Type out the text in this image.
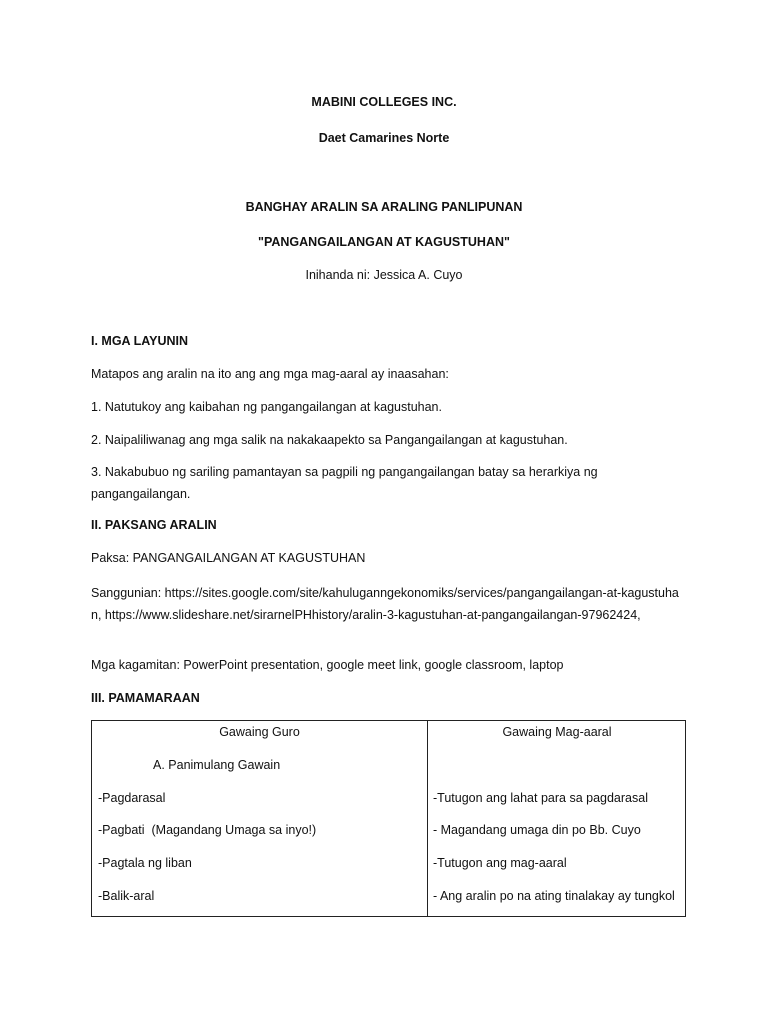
MABINI COLLEGES INC.
Daet Camarines Norte
BANGHAY ARALIN SA ARALING PANLIPUNAN
"PANGANGAILANGAN AT KAGUSTUHAN"
Inihanda ni: Jessica A. Cuyo
I. MGA LAYUNIN
Matapos ang aralin na ito ang ang mga mag-aaral ay inaasahan:
1. Natutukoy ang kaibahan ng pangangailangan at kagustuhan.
2. Naipaliliwanag ang mga salik na nakakaapekto sa Pangangailangan at kagustuhan.
3. Nakabubuo ng sariling pamantayan sa pagpili ng pangangailangan batay sa herarkiya ng pangangailangan.
II. PAKSANG ARALIN
Paksa: PANGANGAILANGAN AT KAGUSTUHAN
Sanggunian: https://sites.google.com/site/kahuluganngekonomiks/services/pangangailangan-at-kagustuhan, https://www.slideshare.net/sirarnelPHhistory/aralin-3-kagustuhan-at-pangangailangan-97962424,
Mga kagamitan: PowerPoint presentation, google meet link, google classroom, laptop
III. PAMAMARAAN
Gawaing Guro	Gawaing Mag-aaral
A. Panimulang Gawain
-Pagdarasal	-Tutugon ang lahat para sa pagdarasal
-Pagbati  (Magandang Umaga sa inyo!)	- Magandang umaga din po Bb. Cuyo
-Pagtala ng liban	-Tutugon ang mag-aaral
-Balik-aral	- Ang aralin po na ating tinalakay ay tungkol
